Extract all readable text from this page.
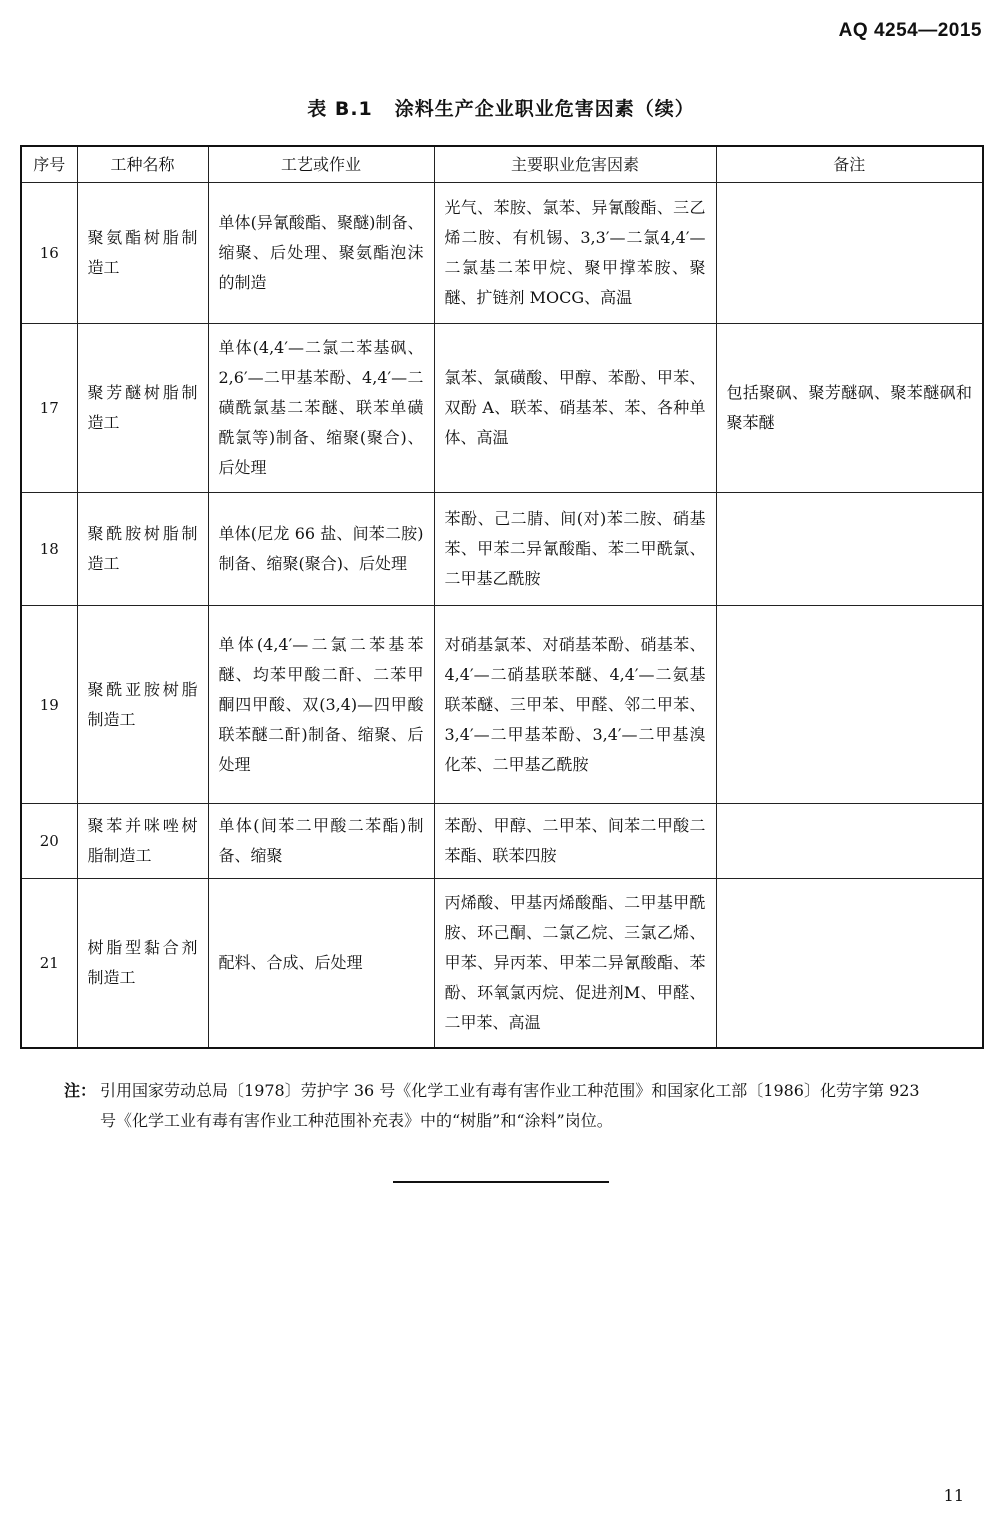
AQ 4254—2015
表 B.1 涂料生产企业职业危害因素（续）
序号	工种名称	工艺或作业	主要职业危害因素	备注
16	聚氨酯树脂制造工	单体(异氰酸酯、聚醚)制备、缩聚、后处理、聚氨酯泡沫的制造	光气、苯胺、氯苯、异氰酸酯、三乙烯二胺、有机锡、3,3′—二氯4,4′—二氯基二苯甲烷、聚甲撑苯胺、聚醚、扩链剂 MOCG、高温	
17	聚芳醚树脂制造工	单体(4,4′—二氯二苯基砜、2,6′—二甲基苯酚、4,4′—二磺酰氯基二苯醚、联苯单磺酰氯等)制备、缩聚(聚合)、后处理	氯苯、氯磺酸、甲醇、苯酚、甲苯、双酚 A、联苯、硝基苯、苯、各种单体、高温	包括聚砜、聚芳醚砜、聚苯醚砜和聚苯醚
18	聚酰胺树脂制造工	单体(尼龙 66 盐、间苯二胺)制备、缩聚(聚合)、后处理	苯酚、己二腈、间(对)苯二胺、硝基苯、甲苯二异氰酸酯、苯二甲酰氯、二甲基乙酰胺	
19	聚酰亚胺树脂制造工	单体(4,4′—二氯二苯基苯醚、均苯甲酸二酐、二苯甲酮四甲酸、双(3,4)—四甲酸联苯醚二酐)制备、缩聚、后处理	对硝基氯苯、对硝基苯酚、硝基苯、4,4′—二硝基联苯醚、4,4′—二氨基联苯醚、三甲苯、甲醛、邻二甲苯、3,4′—二甲基苯酚、3,4′—二甲基溴化苯、二甲基乙酰胺	
20	聚苯并咪唑树脂制造工	单体(间苯二甲酸二苯酯)制备、缩聚	苯酚、甲醇、二甲苯、间苯二甲酸二苯酯、联苯四胺	
21	树脂型黏合剂制造工	配料、合成、后处理	丙烯酸、甲基丙烯酸酯、二甲基甲酰胺、环己酮、二氯乙烷、三氯乙烯、甲苯、异丙苯、甲苯二异氰酸酯、苯酚、环氧氯丙烷、促进剂M、甲醛、二甲苯、高温	
注： 引用国家劳动总局〔1978〕劳护字 36 号《化学工业有毒有害作业工种范围》和国家化工部〔1986〕化劳字第 923
号《化学工业有毒有害作业工种范围补充表》中的“树脂”和“涂料”岗位。
11
